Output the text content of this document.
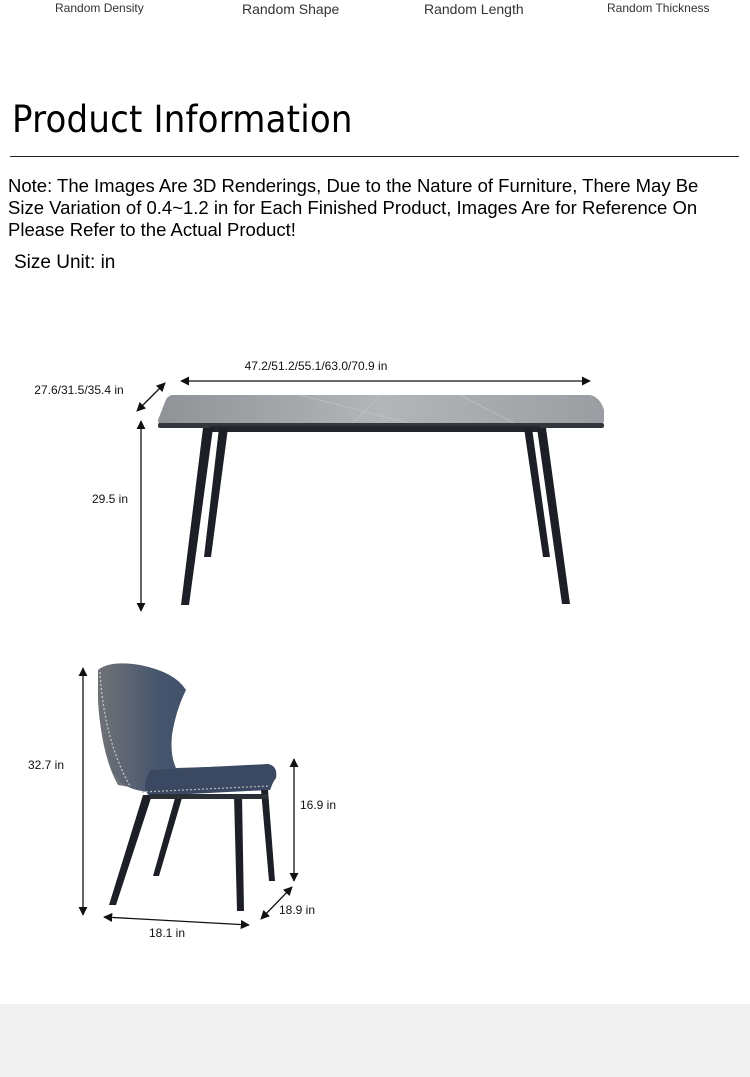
Random Density	Random Shape	Random Length	Random Thickness
Product Information
Note: The Images Are 3D Renderings, Due to the Nature of Furniture, There May Be
Size Variation of 0.4~1.2 in for Each Finished Product, Images Are for Reference On
Please Refer to the Actual Product!
Size Unit: in
47.2/51.2/55.1/63.0/70.9 in
27.6/31.5/35.4 in
29.5 in
32.7 in
16.9 in
18.9 in
18.1 in
